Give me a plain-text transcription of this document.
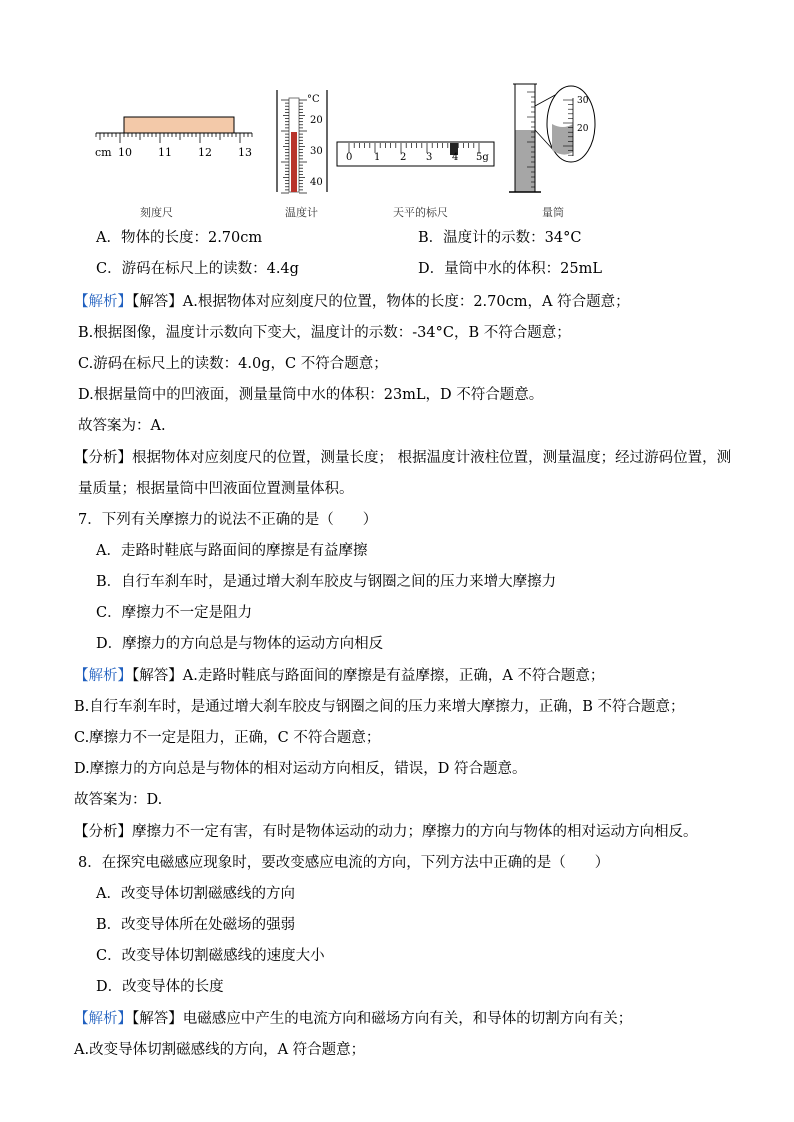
cm 10 11 12 13
刻度尺
°C
20
30
40
温度计
0 1 2 3 4 5g
天平的标尺
30
20
量筒
A．物体的长度：2.70cm	B．温度计的示数：34°C
C．游码在标尺上的读数：4.4g	D．量筒中水的体积：25mL
【解析】【解答】A.根据物体对应刻度尺的位置，物体的长度：2.70cm，A 符合题意；
B.根据图像，温度计示数向下变大，温度计的示数：-34°C，B 不符合题意；
C.游码在标尺上的读数：4.0g，C 不符合题意；
D.根据量筒中的凹液面，测量量筒中水的体积：23mL，D 不符合题意。
故答案为：A.
【分析】根据物体对应刻度尺的位置，测量长度； 根据温度计液柱位置，测量温度；经过游码位置，测
量质量；根据量筒中凹液面位置测量体积。
7．下列有关摩擦力的说法不正确的是（　　）
A．走路时鞋底与路面间的摩擦是有益摩擦
B．自行车刹车时，是通过增大刹车胶皮与钢圈之间的压力来增大摩擦力
C．摩擦力不一定是阻力
D．摩擦力的方向总是与物体的运动方向相反
【解析】【解答】A.走路时鞋底与路面间的摩擦是有益摩擦，正确，A 不符合题意；
B.自行车刹车时，是通过增大刹车胶皮与钢圈之间的压力来增大摩擦力，正确，B 不符合题意；
C.摩擦力不一定是阻力，正确，C 不符合题意；
D.摩擦力的方向总是与物体的相对运动方向相反，错误，D 符合题意。
故答案为：D.
【分析】摩擦力不一定有害，有时是物体运动的动力；摩擦力的方向与物体的相对运动方向相反。
8．在探究电磁感应现象时，要改变感应电流的方向，下列方法中正确的是（　　）
A．改变导体切割磁感线的方向
B．改变导体所在处磁场的强弱
C．改变导体切割磁感线的速度大小
D．改变导体的长度
【解析】【解答】电磁感应中产生的电流方向和磁场方向有关，和导体的切割方向有关；
A.改变导体切割磁感线的方向，A 符合题意；
